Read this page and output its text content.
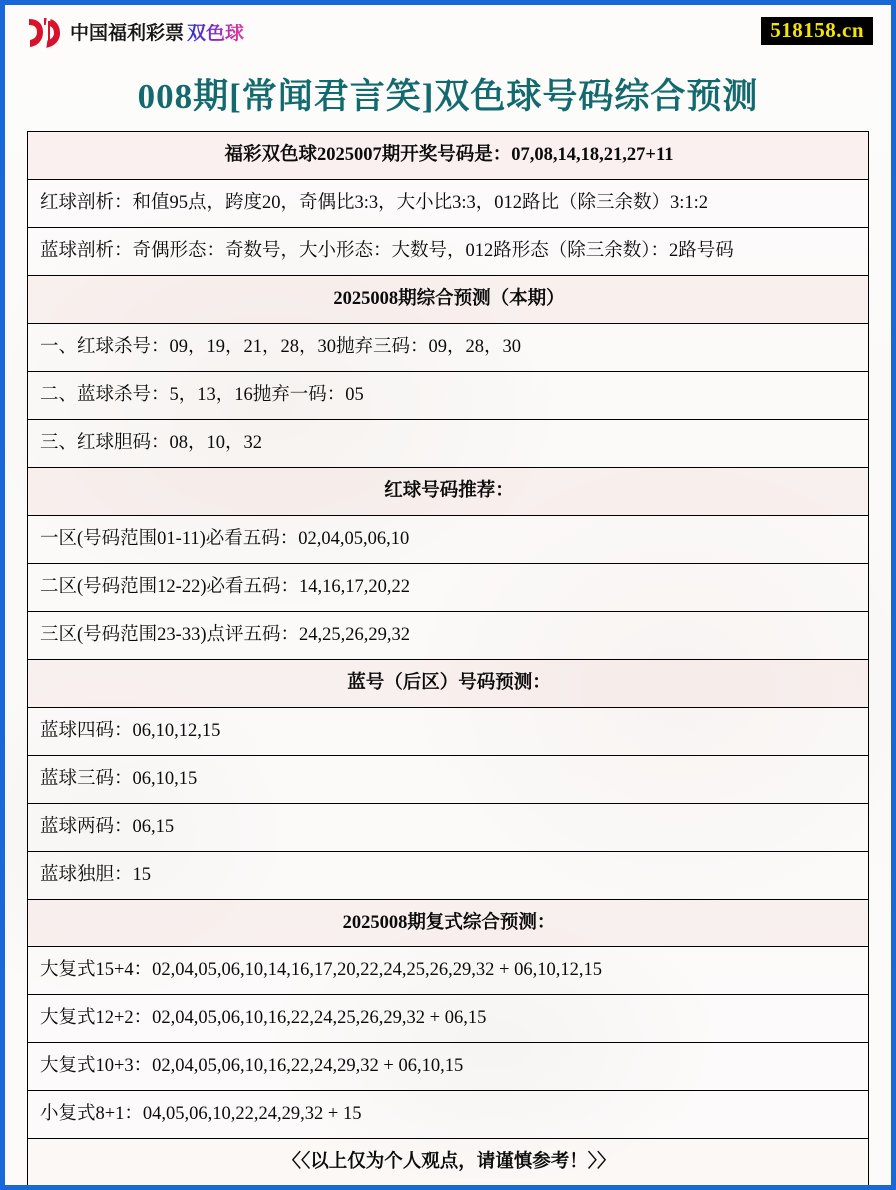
中国福利彩票 双色球	518158.cn
008期[常闻君言笑]双色球号码综合预测
福彩双色球2025007期开奖号码是：07,08,14,18,21,27+11
红球剖析：和值95点，跨度20，奇偶比3:3，大小比3:3，012路比（除三余数）3:1:2
蓝球剖析：奇偶形态：奇数号，大小形态：大数号，012路形态（除三余数）：2路号码
2025008期综合预测（本期）
一、红球杀号：09，19，21，28，30抛弃三码：09，28，30
二、蓝球杀号：5，13，16抛弃一码：05
三、红球胆码：08，10，32
红球号码推荐：
一区(号码范围01-11)必看五码：02,04,05,06,10
二区(号码范围12-22)必看五码：14,16,17,20,22
三区(号码范围23-33)点评五码：24,25,26,29,32
蓝号（后区）号码预测：
蓝球四码：06,10,12,15
蓝球三码：06,10,15
蓝球两码：06,15
蓝球独胆：15
2025008期复式综合预测：
大复式15+4：02,04,05,06,10,14,16,17,20,22,24,25,26,29,32 + 06,10,12,15
大复式12+2：02,04,05,06,10,16,22,24,25,26,29,32 + 06,15
大复式10+3：02,04,05,06,10,16,22,24,29,32 + 06,10,15
小复式8+1：04,05,06,10,22,24,29,32 + 15
〈〈以上仅为个人观点，请谨慎参考！〉〉
